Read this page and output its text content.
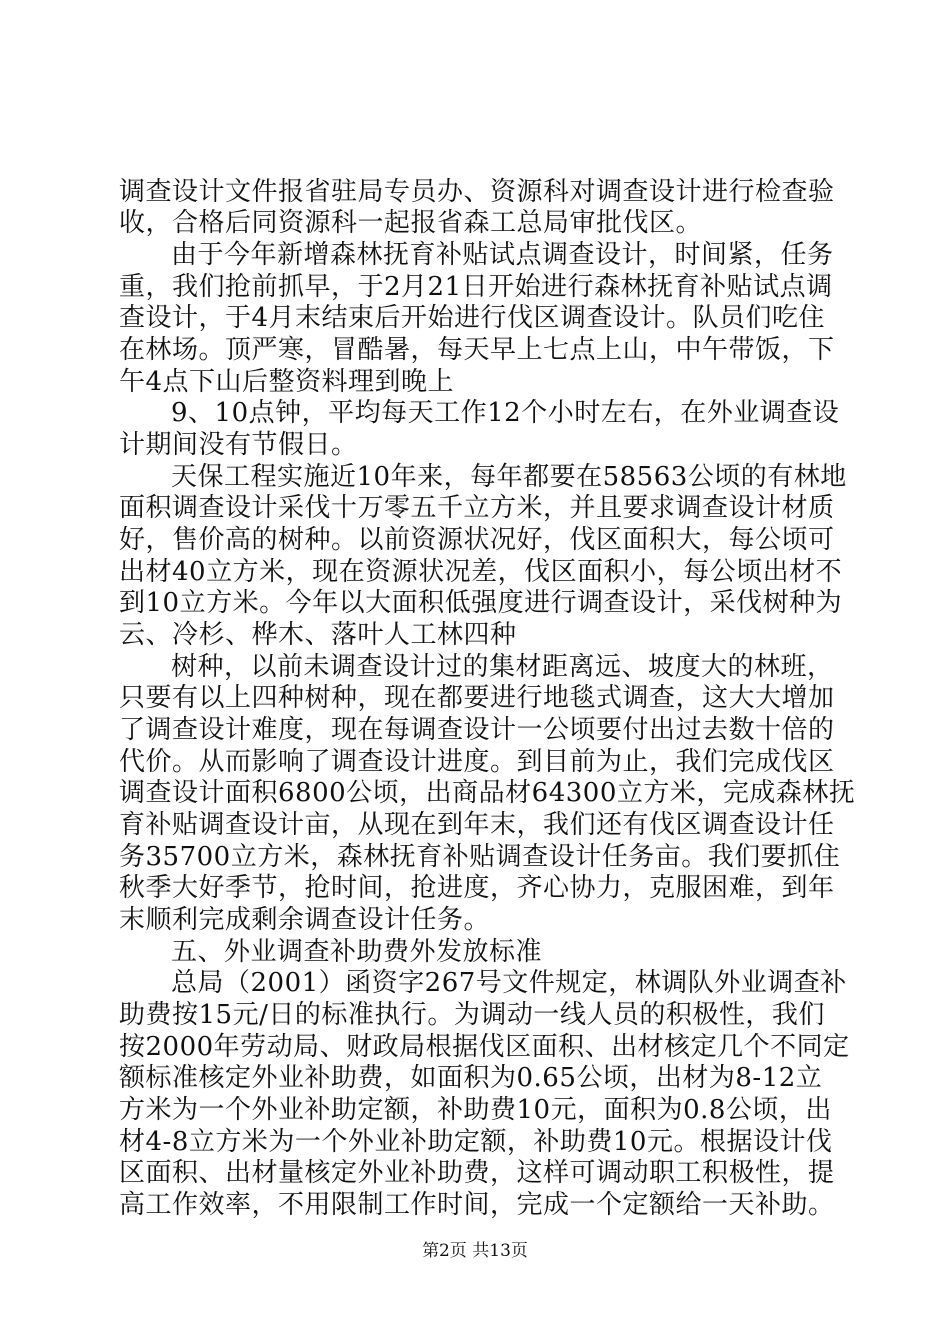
调查设计文件报省驻局专员办、资源科对调查设计进行检查验
收，合格后同资源科一起报省森工总局审批伐区。
由于今年新增森林抚育补贴试点调查设计，时间紧，任务
重，我们抢前抓早，于2月21日开始进行森林抚育补贴试点调
查设计，于4月末结束后开始进行伐区调查设计。队员们吃住
在林场。顶严寒，冒酷暑，每天早上七点上山，中午带饭，下
午4点下山后整资料理到晚上
9、10点钟，平均每天工作12个小时左右，在外业调查设
计期间没有节假日。
天保工程实施近10年来，每年都要在58563公顷的有林地
面积调查设计采伐十万零五千立方米，并且要求调查设计材质
好，售价高的树种。以前资源状况好，伐区面积大，每公顷可
出材40立方米，现在资源状况差，伐区面积小，每公顷出材不
到10立方米。今年以大面积低强度进行调查设计，采伐树种为
云、冷杉、桦木、落叶人工林四种
树种，以前未调查设计过的集材距离远、坡度大的林班，
只要有以上四种树种，现在都要进行地毯式调查，这大大增加
了调查设计难度，现在每调查设计一公顷要付出过去数十倍的
代价。从而影响了调查设计进度。到目前为止，我们完成伐区
调查设计面积6800公顷，出商品材64300立方米，完成森林抚
育补贴调查设计亩，从现在到年末，我们还有伐区调查设计任
务35700立方米，森林抚育补贴调查设计任务亩。我们要抓住
秋季大好季节，抢时间，抢进度，齐心协力，克服困难，到年
末顺利完成剩余调查设计任务。
五、外业调查补助费外发放标准
总局（2001）函资字267号文件规定，林调队外业调查补
助费按15元/日的标准执行。为调动一线人员的积极性，我们
按2000年劳动局、财政局根据伐区面积、出材核定几个不同定
额标准核定外业补助费，如面积为0.65公顷，出材为8-12立
方米为一个外业补助定额，补助费10元，面积为0.8公顷，出
材4-8立方米为一个外业补助定额，补助费10元。根据设计伐
区面积、出材量核定外业补助费，这样可调动职工积极性，提
高工作效率，不用限制工作时间，完成一个定额给一天补助。
第2页 共13页
